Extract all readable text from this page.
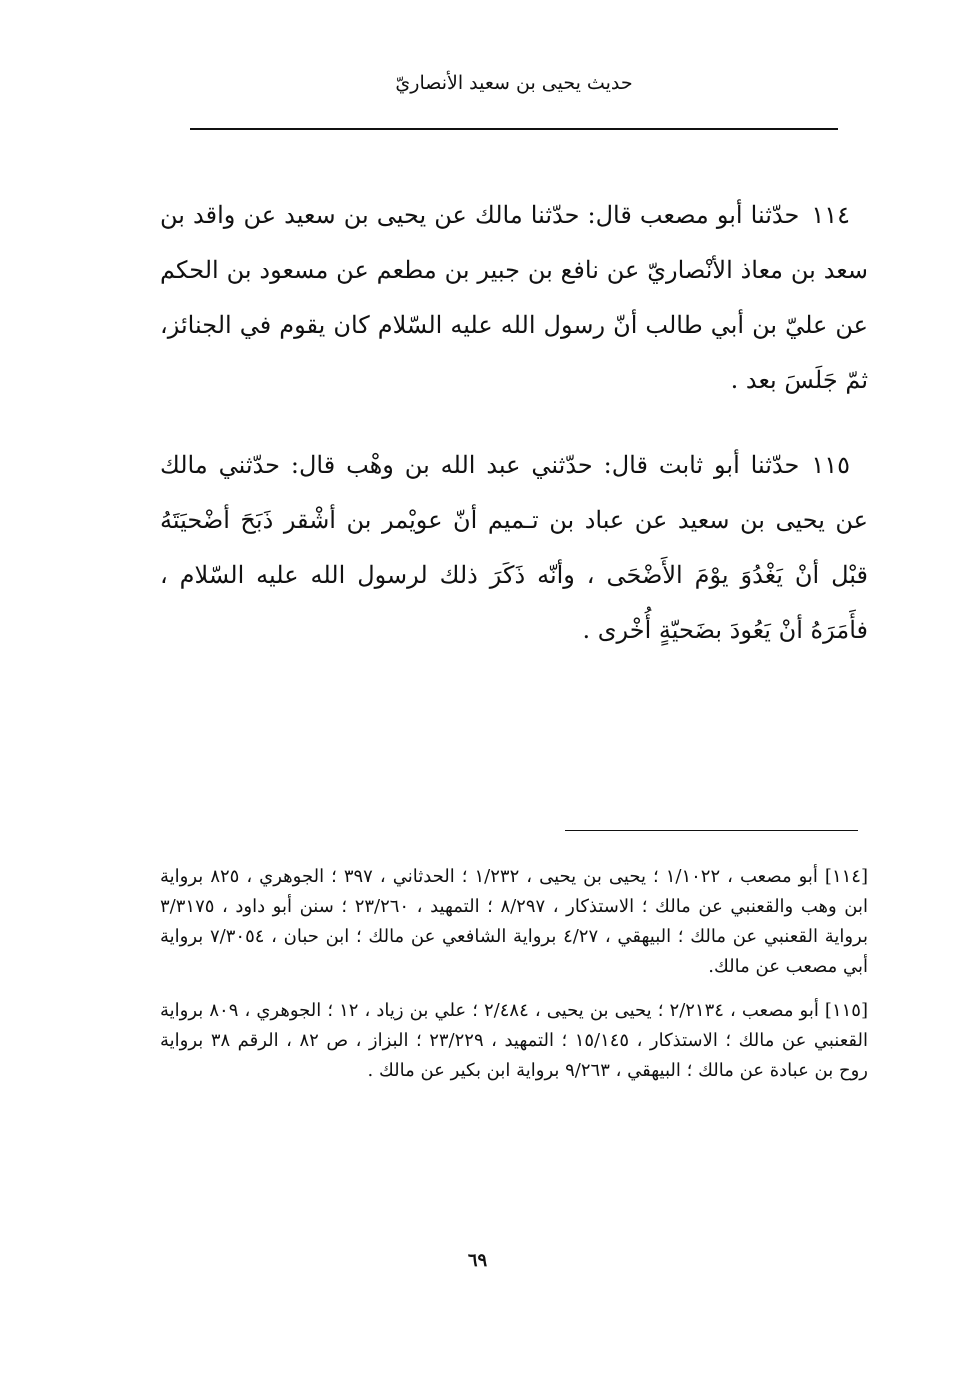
حديث يحيى بن سعيد الأنصاريّ

١١٤حدّثنا أبو مصعب قال: حدّثنا مالك عن يحيى بن سعيد عن واقد بن سعد بن معاذ الأنْصاريّ عن نافع بن جبير بن مطعم عن مسعود بن الحكم عن عليّ بن أبي طالب أنّ رسول الله عليه السّلام كان يقوم في الجنائز، ثمّ جَلَسَ بعد .

١١٥حدّثنا أبو ثابت قال: حدّثني عبد الله بن وهْب قال: حدّثني مالك عن يحيى بن سعيد عن عباد بن تـميم أنّ عويْمر بن أشْقر ذَبَحَ أضْحيَتَهُ قبْل أنْ يَغْدُوَ يوْمَ الأَضْحَى ، وأنّه ذَكَرَ ذلك لرسول الله عليه السّلام ، فأَمَرَهُ أنْ يَعُودَ بضَحيّةٍ أُخْرى .

[١١٤] أبو مصعب ، ١/١٠٢٢ ؛ يحيى بن يحيى ، ١/٢٣٢ ؛ الحدثاني ، ٣٩٧ ؛ الجوهري ، ٨٢٥ برواية ابن وهب والقعنبي عن مالك ؛ الاستذكار ، ٨/٢٩٧ ؛ التمهيد ، ٢٣/٢٦٠ ؛ سنن أبو داود ، ٣/٣١٧٥ برواية القعنبي عن مالك ؛ البيهقي ، ٤/٢٧ برواية الشافعي عن مالك ؛ ابن حبان ، ٧/٣٠٥٤ برواية أبي مصعب عن مالك.

[١١٥] أبو مصعب ، ٢/٢١٣٤ ؛ يحيى بن يحيى ، ٢/٤٨٤ ؛ علي بن زياد ، ١٢ ؛ الجوهري ، ٨٠٩ برواية القعنبي عن مالك ؛ الاستذكار ، ١٥/١٤٥ ؛ التمهيد ، ٢٣/٢٢٩ ؛ البزاز ، ص ٨٢ ، الرقم ٣٨ برواية روح بن عبادة عن مالك ؛ البيهقي ، ٩/٢٦٣ برواية ابن بكير عن مالك .

٦٩
